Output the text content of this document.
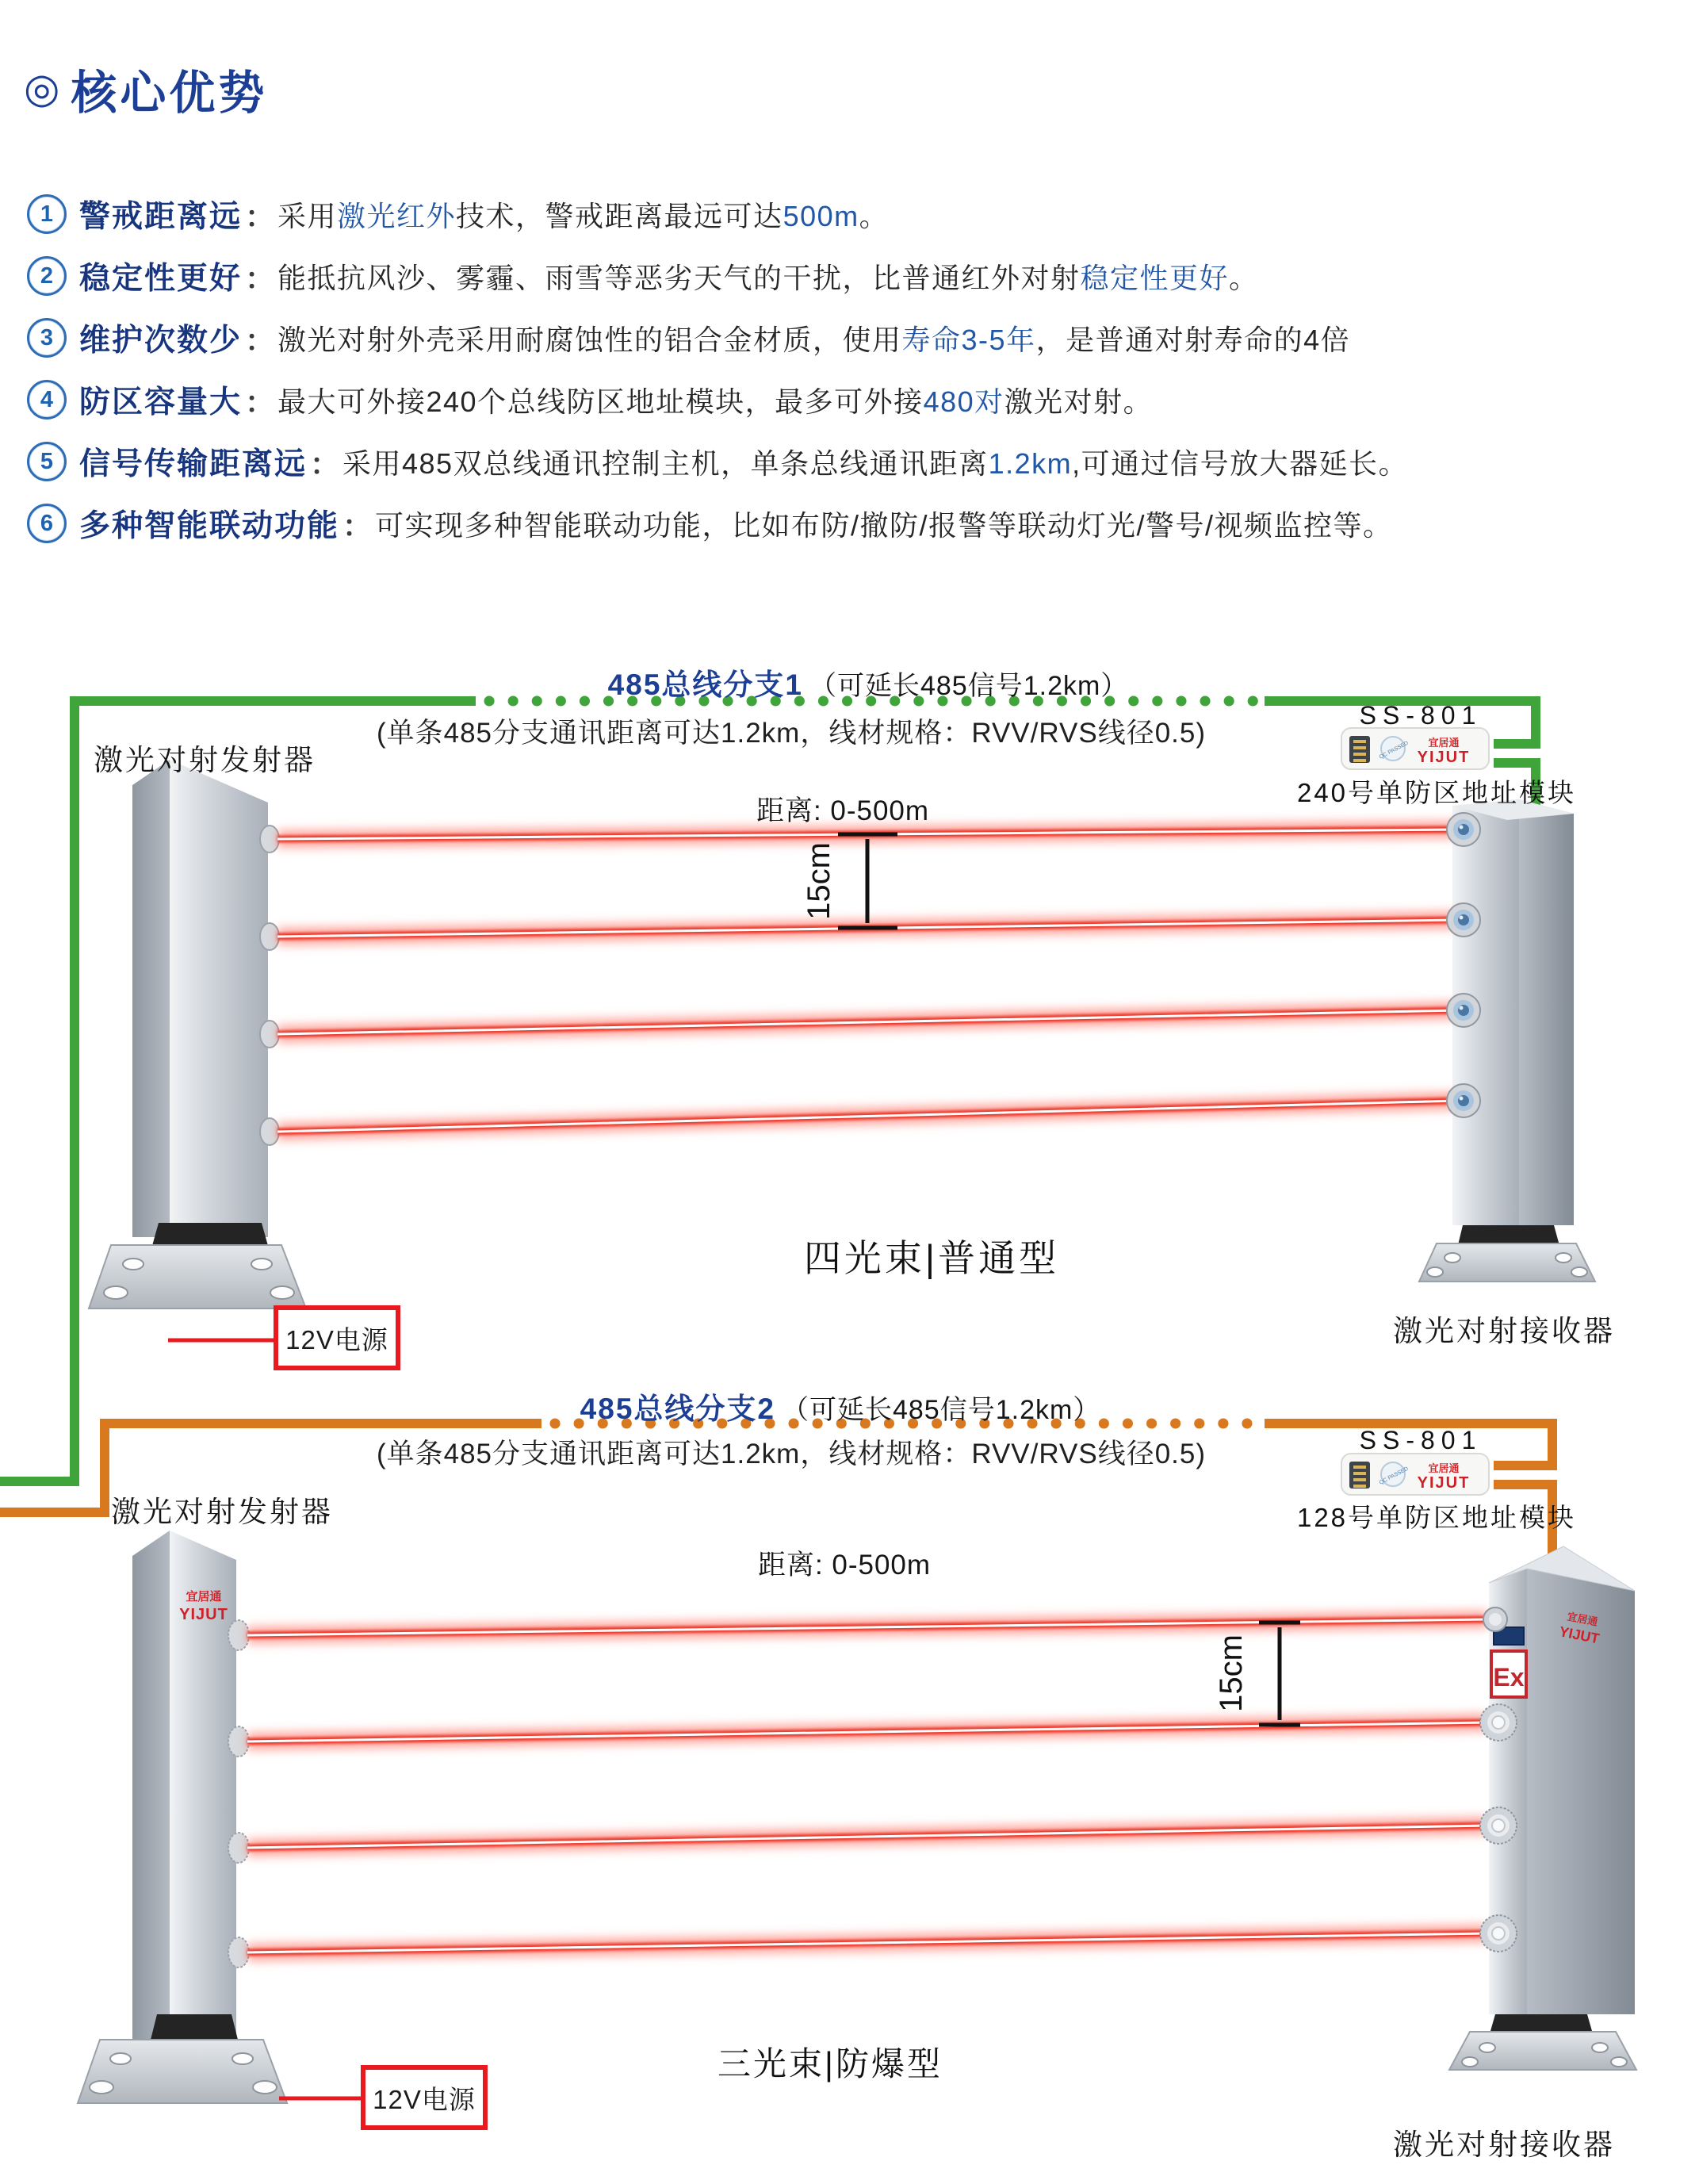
◎ 核心优势
1 警戒距离远 ： 采用激光红外技术，警戒距离最远可达500m。
2 稳定性更好 ： 能抵抗风沙、雾霾、雨雪等恶劣天气的干扰，比普通红外对射稳定性更好。
3 维护次数少 ： 激光对射外壳采用耐腐蚀性的铝合金材质，使用寿命3-5年，是普通对射寿命的4倍
4 防区容量大 ： 最大可外接240个总线防区地址模块，最多可外接480对激光对射。
5 信号传输距离远 ： 采用485双总线通讯控制主机，单条总线通讯距离1.2km,可通过信号放大器延长。
6 多种智能联动功能 ： 可实现多种智能联动功能，比如布防/撤防/报警等联动灯光/警号/视频监控等。
15cm
QC PASSED 宜居通
YIJUT
宜居通
YIJUT	宜居通
YIJUT
Ex
15cm
QC PASSED 宜居通
YIJUT
485总线分支1 （可延长485信号1.2km）
(单条485分支通讯距离可达1.2km，线材规格：RVV/RVS线径0.5)
SS-801
240号单防区地址模块
激光对射发射器
距离: 0-500m
四光束|普通型
激光对射接收器
12V电源
485总线分支2 （可延长485信号1.2km）
(单条485分支通讯距离可达1.2km，线材规格：RVV/RVS线径0.5)	SS-801
128号单防区地址模块
激光对射发射器
距离: 0-500m
三光束|防爆型
激光对射接收器
12V电源
